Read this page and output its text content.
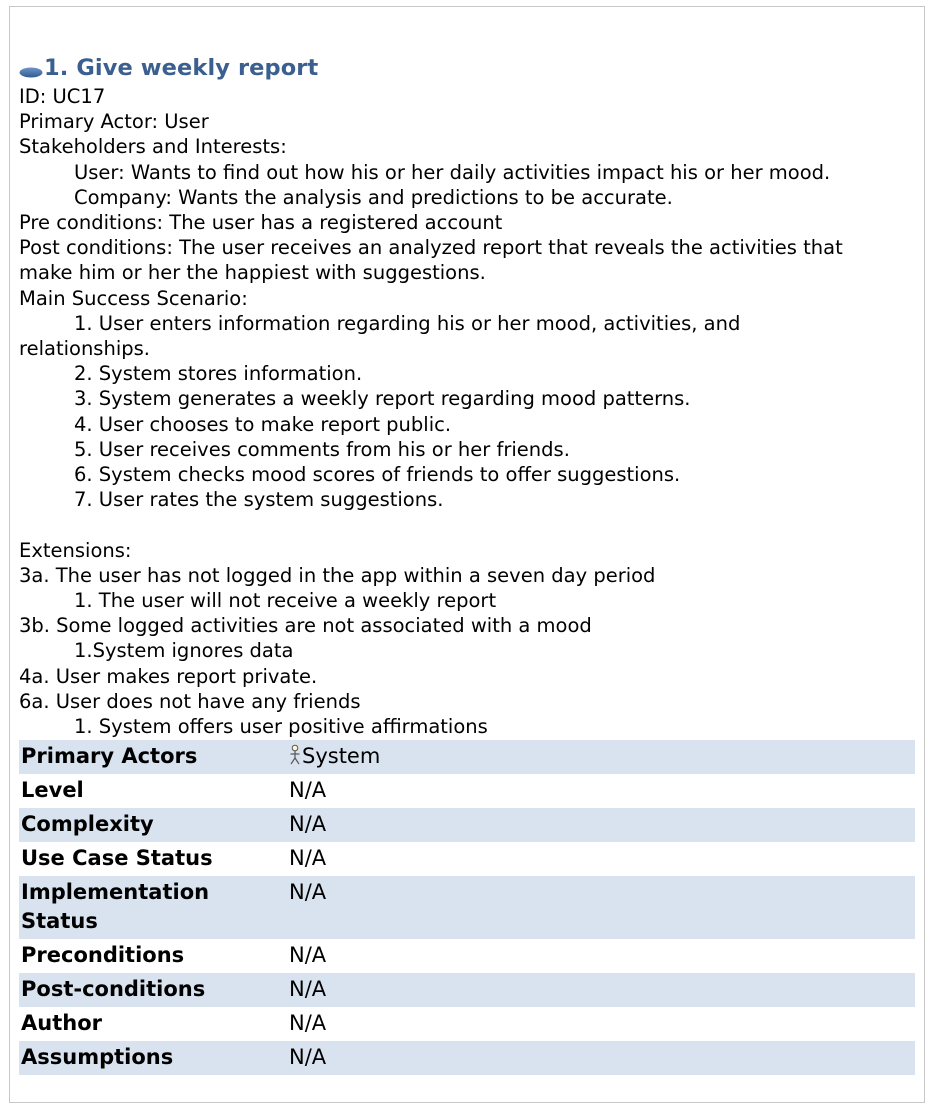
1. Give weekly report
ID: UC17
Primary Actor: User
Stakeholders and Interests:
User: Wants to find out how his or her daily activities impact his or her mood.
Company: Wants the analysis and predictions to be accurate.
Pre conditions: The user has a registered account
Post conditions: The user receives an analyzed report that reveals the activities that
make him or her the happiest with suggestions.
Main Success Scenario:
1. User enters information regarding his or her mood, activities, and
relationships.
2. System stores information.
3. System generates a weekly report regarding mood patterns.
4. User chooses to make report public.
5. User receives comments from his or her friends.
6. System checks mood scores of friends to offer suggestions.
7. User rates the system suggestions.
Extensions:
3a. The user has not logged in the app within a seven day period
1. The user will not receive a weekly report
3b. Some logged activities are not associated with a mood
1.System ignores data
4a. User makes report private.
6a. User does not have any friends
1. System offers user positive affirmations
Primary Actors	System
Level	N/A
Complexity	N/A
Use Case Status	N/A
Implementation Status	N/A
Preconditions	N/A
Post-conditions	N/A
Author	N/A
Assumptions	N/A
